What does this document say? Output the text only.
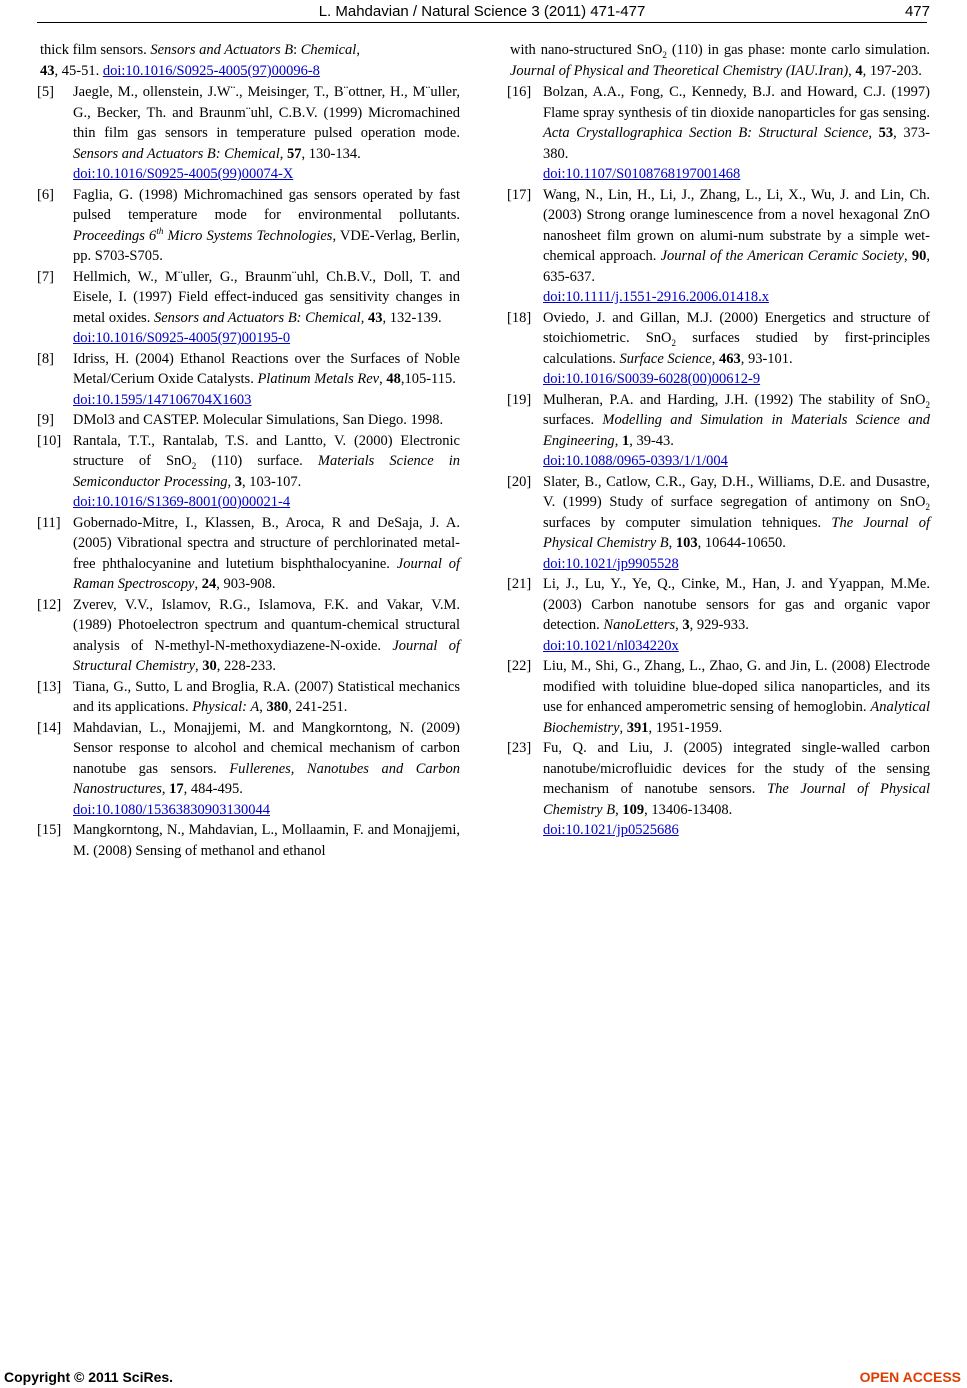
L. Mahdavian / Natural Science 3 (2011) 471-477	477
thick film sensors. Sensors and Actuators B: Chemical,
43, 45-51. doi:10.1016/S0925-4005(97)00096-8
[5] Jaegle, M., ollenstein, J.W¨., Meisinger, T., B¨ottner, H., M¨uller, G., Becker, Th. and Braunm¨uhl, C.B.V. (1999) Micromachined thin film gas sensors in temperature pulsed operation mode. Sensors and Actuators B: Chemical, 57, 130-134.
doi:10.1016/S0925-4005(99)00074-X
[6] Faglia, G. (1998) Michromachined gas sensors operated by fast pulsed temperature mode for environmental pollutants. Proceedings 6th Micro Systems Technologies, VDE-Verlag, Berlin, pp. S703-S705.
[7] Hellmich, W., M¨uller, G., Braunm¨uhl, Ch.B.V., Doll, T. and Eisele, I. (1997) Field effect-induced gas sensitivity changes in metal oxides. Sensors and Actuators B: Chemical, 43, 132-139.
doi:10.1016/S0925-4005(97)00195-0
[8] Idriss, H. (2004) Ethanol Reactions over the Surfaces of Noble Metal/Cerium Oxide Catalysts. Platinum Metals Rev, 48,105-115.
doi:10.1595/147106704X1603
[9] DMol3 and CASTEP. Molecular Simulations, San Diego. 1998.
[10] Rantala, T.T., Rantalab, T.S. and Lantto, V. (2000) Electronic structure of SnO$_2$ (110) surface. Materials Science in Semiconductor Processing, 3, 103-107.
doi:10.1016/S1369-8001(00)00021-4
[11] Gobernado-Mitre, I., Klassen, B., Aroca, R and DeSaja, J. A. (2005) Vibrational spectra and structure of perchlorinated metal-free phthalocyanine and lutetium bisphthalocyanine. Journal of Raman Spectroscopy, 24, 903-908.
[12] Zverev, V.V., Islamov, R.G., Islamova, F.K. and Vakar, V.M. (1989) Photoelectron spectrum and quantum-chemical structural analysis of N-methyl-N-methoxydiazene-N-oxide. Journal of Structural Chemistry, 30, 228-233.
[13] Tiana, G., Sutto, L and Broglia, R.A. (2007) Statistical mechanics and its applications. Physical: A, 380, 241-251.
[14] Mahdavian, L., Monajjemi, M. and Mangkorntong, N. (2009) Sensor response to alcohol and chemical mechanism of carbon nanotube gas sensors. Fullerenes, Nanotubes and Carbon Nanostructures, 17, 484-495.
doi:10.1080/15363830903130044
[15] Mangkorntong, N., Mahdavian, L., Mollaamin, F. and Monajjemi, M. (2008) Sensing of methanol and ethanol
with nano-structured SnO$_2$ (110) in gas phase: monte carlo simulation. Journal of Physical and Theoretical Chemistry (IAU.Iran), 4, 197-203.
[16] Bolzan, A.A., Fong, C., Kennedy, B.J. and Howard, C.J. (1997) Flame spray synthesis of tin dioxide nanoparticles for gas sensing. Acta Crystallographica Section B: Structural Science, 53, 373-380.
doi:10.1107/S0108768197001468
[17] Wang, N., Lin, H., Li, J., Zhang, L., Li, X., Wu, J. and Lin, Ch. (2003) Strong orange luminescence from a novel hexagonal ZnO nanosheet film grown on alumi-num substrate by a simple wet-chemical approach. Journal of the American Ceramic Society, 90, 635-637.
doi:10.1111/j.1551-2916.2006.01418.x
[18] Oviedo, J. and Gillan, M.J. (2000) Energetics and structure of stoichiometric. SnO$_2$ surfaces studied by first-principles calculations. Surface Science, 463, 93-101.
doi:10.1016/S0039-6028(00)00612-9
[19] Mulheran, P.A. and Harding, J.H. (1992) The stability of SnO$_2$ surfaces. Modelling and Simulation in Materials Science and Engineering, 1, 39-43.
doi:10.1088/0965-0393/1/1/004
[20] Slater, B., Catlow, C.R., Gay, D.H., Williams, D.E. and Dusastre, V. (1999) Study of surface segregation of antimony on SnO$_2$ surfaces by computer simulation tehniques. The Journal of Physical Chemistry B, 103, 10644-10650.
doi:10.1021/jp9905528
[21] Li, J., Lu, Y., Ye, Q., Cinke, M., Han, J. and Yyappan, M.Me. (2003) Carbon nanotube sensors for gas and organic vapor detection. NanoLetters, 3, 929-933.
doi:10.1021/nl034220x
[22] Liu, M., Shi, G., Zhang, L., Zhao, G. and Jin, L. (2008) Electrode modified with toluidine blue-doped silica nanoparticles, and its use for enhanced amperometric sensing of hemoglobin. Analytical Biochemistry, 391, 1951-1959.
[23] Fu, Q. and Liu, J. (2005) integrated single-walled carbon nanotube/microfluidic devices for the study of the sensing mechanism of nanotube sensors. The Journal of Physical Chemistry B, 109, 13406-13408.
doi:10.1021/jp0525686
Copyright © 2011 SciRes.	OPEN ACCESS
